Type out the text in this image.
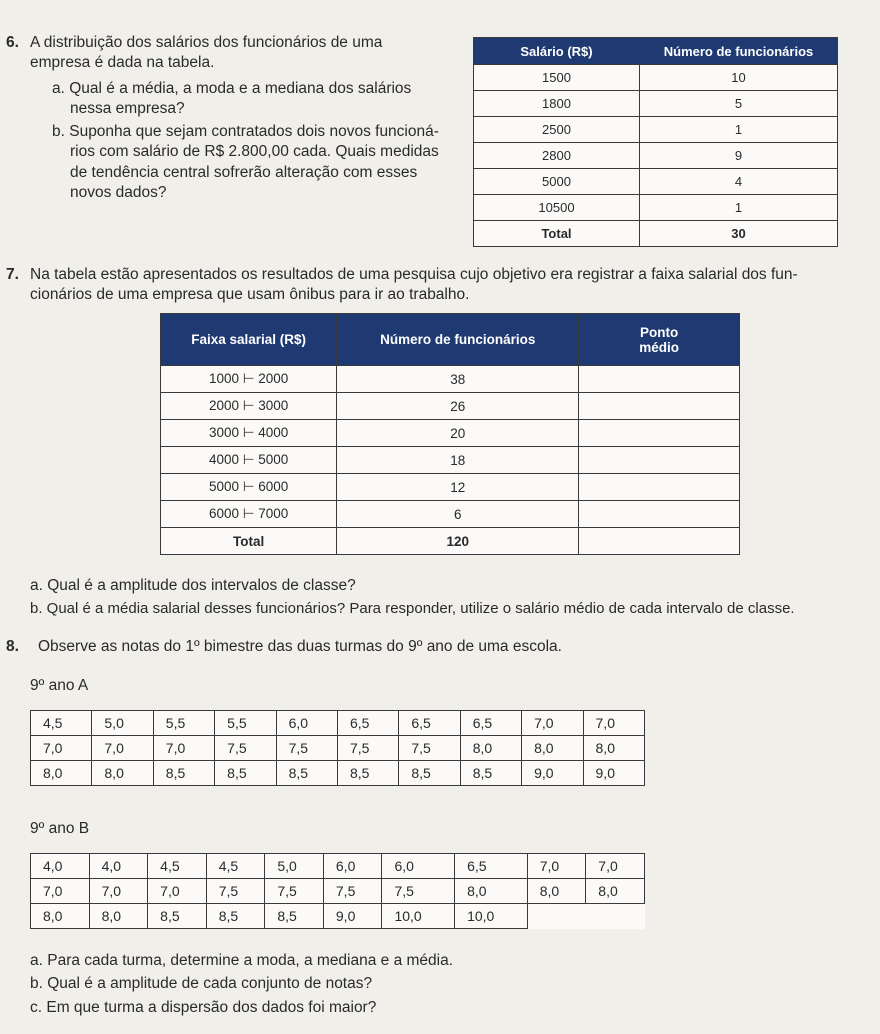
6. A distribuição dos salários dos funcionários de uma
empresa é dada na tabela.
a. Qual é a média, a moda e a mediana dos salários
nessa empresa?
b. Suponha que sejam contratados dois novos funcioná-
rios com salário de R$ 2.800,00 cada. Quais medidas
de tendência central sofrerão alteração com esses
novos dados?
Salário (R$)	Número de funcionários
1500	10
1800	5
2500	1
2800	9
5000	4
10500	1
Total	30
7. Na tabela estão apresentados os resultados de uma pesquisa cujo objetivo era registrar a faixa salarial dos fun-
cionários de uma empresa que usam ônibus para ir ao trabalho.
Faixa salarial (R$)	Número de funcionários	Ponto médio
1000 ⊢ 2000	38	
2000 ⊢ 3000	26	
3000 ⊢ 4000	20	
4000 ⊢ 5000	18	
5000 ⊢ 6000	12	
6000 ⊢ 7000	6	
Total	120	
a. Qual é a amplitude dos intervalos de classe?
b. Qual é a média salarial desses funcionários? Para responder, utilize o salário médio de cada intervalo de classe.
8. Observe as notas do 1º bimestre das duas turmas do 9º ano de uma escola.
9º ano A
4,5	5,0	5,5	5,5	6,0	6,5	6,5	6,5	7,0	7,0
7,0	7,0	7,0	7,5	7,5	7,5	7,5	8,0	8,0	8,0
8,0	8,0	8,5	8,5	8,5	8,5	8,5	8,5	9,0	9,0
9º ano B
4,0	4,0	4,5	4,5	5,0	6,0	6,0	6,5	7,0	7,0
7,0	7,0	7,0	7,5	7,5	7,5	7,5	8,0	8,0	8,0
8,0	8,0	8,5	8,5	8,5	9,0	10,0	10,0		
a. Para cada turma, determine a moda, a mediana e a média.
b. Qual é a amplitude de cada conjunto de notas?
c. Em que turma a dispersão dos dados foi maior?
